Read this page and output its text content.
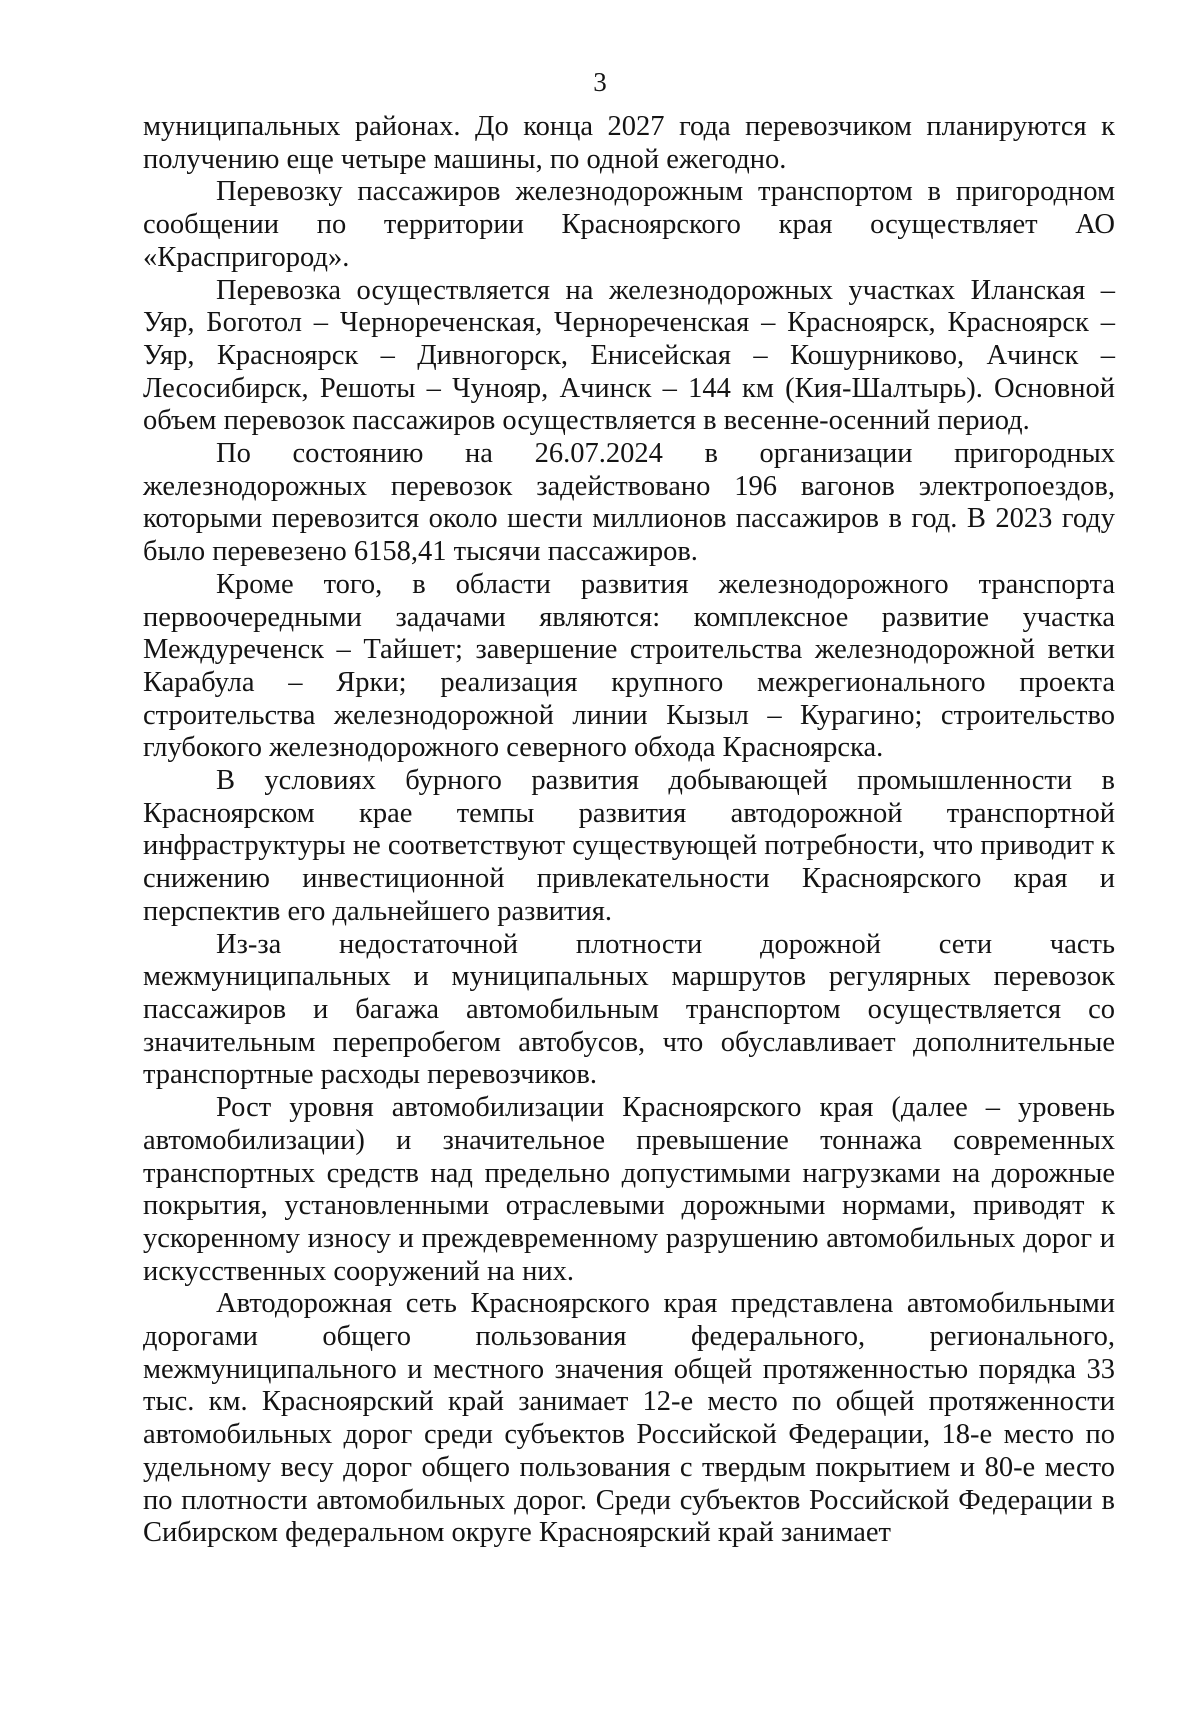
3

муниципальных районах. До конца 2027 года перевозчиком планируются к получению еще четыре машины, по одной ежегодно.

Перевозку пассажиров железнодорожным транспортом в пригородном сообщении по территории Красноярского края осуществляет АО «Краспригород».

Перевозка осуществляется на железнодорожных участках Иланская – Уяр, Боготол – Чернореченская, Чернореченская – Красноярск, Красноярск – Уяр, Красноярск – Дивногорск, Енисейская – Кошурниково, Ачинск – Лесосибирск, Решоты – Чунояр, Ачинск – 144 км (Кия-Шалтырь). Основной объем перевозок пассажиров осуществляется в весенне-осенний период.

По состоянию на 26.07.2024 в организации пригородных железнодорожных перевозок задействовано 196 вагонов электропоездов, которыми перевозится около шести миллионов пассажиров в год. В 2023 году было перевезено 6158,41 тысячи пассажиров.

Кроме того, в области развития железнодорожного транспорта первоочередными задачами являются: комплексное развитие участка Междуреченск – Тайшет; завершение строительства железнодорожной ветки Карабула – Ярки; реализация крупного межрегионального проекта строительства железнодорожной линии Кызыл – Курагино; строительство глубокого железнодорожного северного обхода Красноярска.

В условиях бурного развития добывающей промышленности в Красноярском крае темпы развития автодорожной транспортной инфраструктуры не соответствуют существующей потребности, что приводит к снижению инвестиционной привлекательности Красноярского края и перспектив его дальнейшего развития.

Из-за недостаточной плотности дорожной сети часть межмуниципальных и муниципальных маршрутов регулярных перевозок пассажиров и багажа автомобильным транспортом осуществляется со значительным перепробегом автобусов, что обуславливает дополнительные транспортные расходы перевозчиков.

Рост уровня автомобилизации Красноярского края (далее – уровень автомобилизации) и значительное превышение тоннажа современных транспортных средств над предельно допустимыми нагрузками на дорожные покрытия, установленными отраслевыми дорожными нормами, приводят к ускоренному износу и преждевременному разрушению автомобильных дорог и искусственных сооружений на них.

Автодорожная сеть Красноярского края представлена автомобильными дорогами общего пользования федерального, регионального, межмуниципального и местного значения общей протяженностью порядка 33 тыс. км. Красноярский край занимает 12-е место по общей протяженности автомобильных дорог среди субъектов Российской Федерации, 18-е место по удельному весу дорог общего пользования с твердым покрытием и 80-е место по плотности автомобильных дорог. Среди субъектов Российской Федерации в Сибирском федеральном округе Красноярский край занимает
